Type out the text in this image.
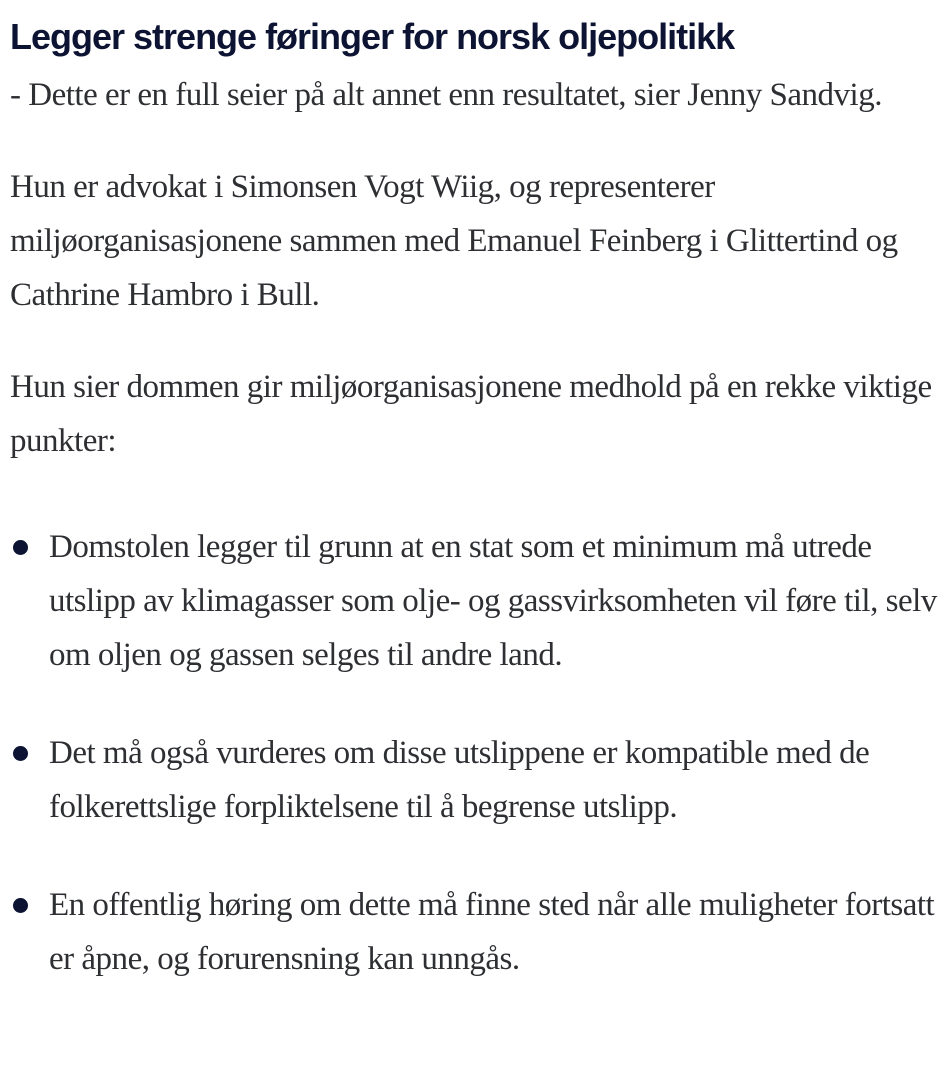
Legger strenge føringer for norsk oljepolitikk

- Dette er en full seier på alt annet enn resultatet, sier Jenny Sandvig.

Hun er advokat i Simonsen Vogt Wiig, og representerer miljøorganisasjonene sammen med Emanuel Feinberg i Glittertind og Cathrine Hambro i Bull.

Hun sier dommen gir miljøorganisasjonene medhold på en rekke viktige punkter:

Domstolen legger til grunn at en stat som et minimum må utrede utslipp av klimagasser som olje- og gassvirksomheten vil føre til, selv om oljen og gassen selges til andre land.
Det må også vurderes om disse utslippene er kompatible med de folkerettslige forpliktelsene til å begrense utslipp.
En offentlig høring om dette må finne sted når alle muligheter fortsatt er åpne, og forurensning kan unngås.
